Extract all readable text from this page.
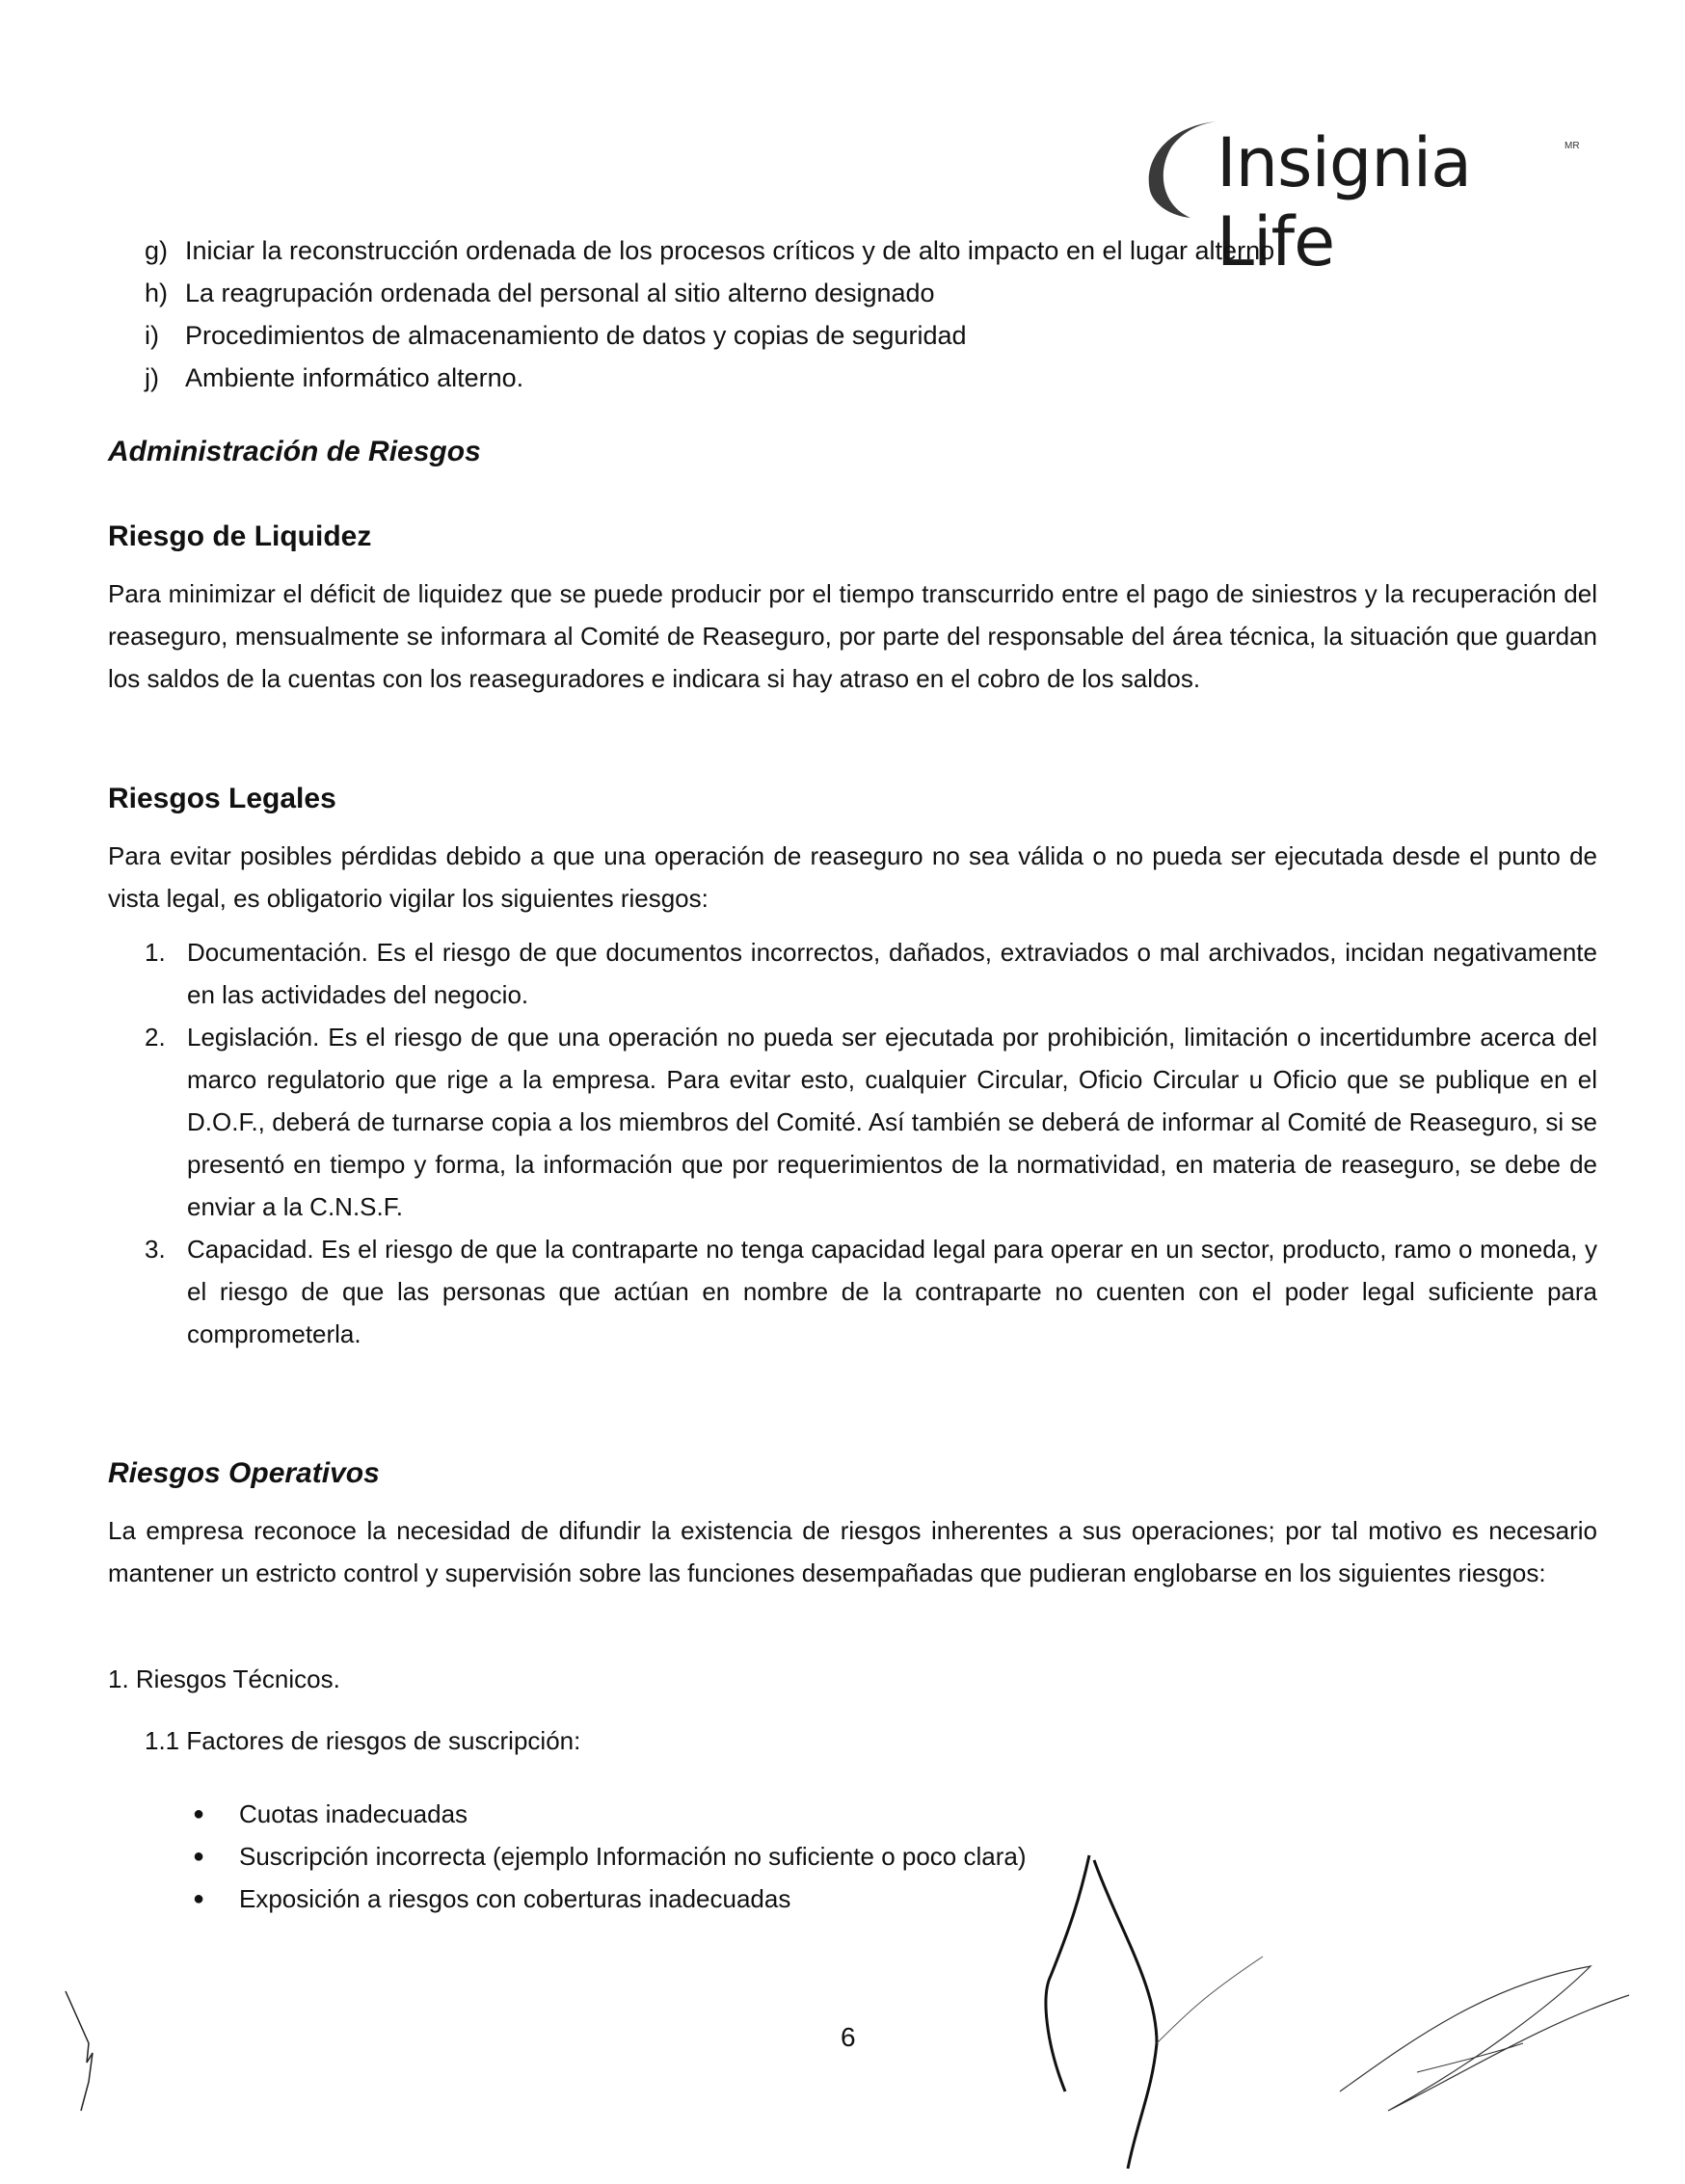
Insignia Life
MR
g) Iniciar la reconstrucción ordenada de los procesos críticos y de alto impacto en el lugar alterno
h) La reagrupación ordenada del personal al sitio alterno designado
i)	Procedimientos de almacenamiento de datos y copias de seguridad
j)	Ambiente informático alterno.
Administración de Riesgos
Riesgo de Liquidez
Para minimizar el déficit de liquidez que se puede producir por el tiempo transcurrido entre el pago de siniestros y la recuperación del reaseguro, mensualmente se informara al Comité de Reaseguro, por parte del responsable del área técnica, la situación que guardan los saldos de la cuentas con los reaseguradores e indicara si hay atraso en el cobro de los saldos.
Riesgos Legales
Para evitar posibles pérdidas debido a que una operación de reaseguro no sea válida o no pueda ser ejecutada desde el punto de vista legal, es obligatorio vigilar los siguientes riesgos:
1. Documentación. Es el riesgo de que documentos incorrectos, dañados, extraviados o mal archivados, incidan negativamente en las actividades del negocio.
2. Legislación. Es el riesgo de que una operación no pueda ser ejecutada por prohibición, limitación o incertidumbre acerca del marco regulatorio que rige a la empresa. Para evitar esto, cualquier Circular, Oficio Circular u Oficio que se publique en el D.O.F., deberá de turnarse copia a los miembros del Comité. Así también se deberá de informar al Comité de Reaseguro, si se presentó en tiempo y forma, la información que por requerimientos de la normatividad, en materia de reaseguro, se debe de enviar a la C.N.S.F.
3. Capacidad. Es el riesgo de que la contraparte no tenga capacidad legal para operar en un sector, producto, ramo o moneda, y el riesgo de que las personas que actúan en nombre de la contraparte no cuenten con el poder legal suficiente para comprometerla.
Riesgos Operativos
La empresa reconoce la necesidad de difundir la existencia de riesgos inherentes a sus operaciones; por tal motivo es necesario mantener un estricto control y supervisión sobre las funciones desempañadas que pudieran englobarse en los siguientes riesgos:
1. Riesgos Técnicos.
1.1 Factores de riesgos de suscripción:
●	Cuotas inadecuadas
●	Suscripción incorrecta (ejemplo Información no suficiente o poco clara)
●	Exposición a riesgos con coberturas inadecuadas
6
